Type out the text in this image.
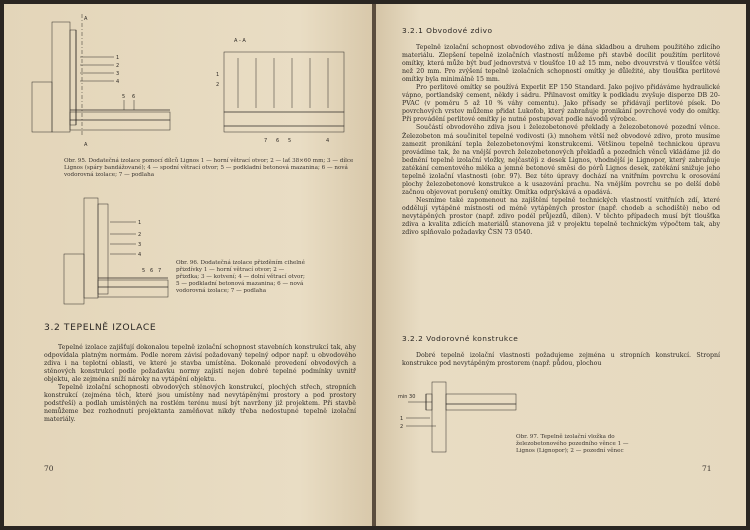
A
1
2
3
4
5 6
A
A - A
1
2
7 6 5	4
Obr. 95. Dodatečná izolace pomocí dílců Lignos 1 — horní větrací otvor; 2 — lať 38×60 mm; 3 — dílce Lignos (spáry bandážované); 4 — spodní větrací otvor; 5 — podkladní betonová mazanina; 6 — nová vodorovná izolace; 7 — podlaha
1
2
3
4
5 6 7
Obr. 96. Dodatečná izolace přizděním cihelné přizdívky 1 — horní větrací otvor; 2 — přizdka; 3 — kotvení; 4 — dolní větrací otvor; 5 — podkladní betonová mazanina; 6 — nová vodorovná izolace; 7 — podlaha
3.2 TEPELNĚ IZOLACE

Tepelné izolace zajišťují dokonalou tepelně izolační schopnost stavebních konstrukcí tak, aby odpovídala platným normám. Podle norem závisí požadovaný tepelný odpor např. u obvodového zdiva i na teplotní oblasti, ve které je stavba umístěna. Dokonalé provedení obvodových a stěnových konstrukcí podle požadavku normy zajistí nejen dobré tepelné podmínky uvnitř objektu, ale zejména sníží nároky na vytápění objektu.

Tepelně izolační schopnosti obvodových stěnových konstrukcí, plochých střech, stropních konstrukcí (zejména těch, které jsou umístěny nad nevytápěnými prostory a pod prostory podstřeší) a podlah umístěných na rostlém terénu musí být navrženy již projektem. Při stavbě nemůžeme bez rozhodnutí projektanta zaměňovat nikdy třeba nedostupné tepelně izolační materiály.

70
3.2.1 Obvodové zdivo

Tepelně izolační schopnost obvodového zdiva je dána skladbou a druhem použitého zdicího materiálu. Zlepšení tepelně izolačních vlastností můžeme při stavbě docílit použitím perlitové omítky, která může být buď jednovrstvá v tloušťce 10 až 15 mm, nebo dvouvrstvá v tloušťce větší než 20 mm. Pro zvýšení tepelně izolačních schopností omítky je důležité, aby tloušťka perlitové omítky byla minimálně 15 mm.

Pro perlitové omítky se používá Experlit EP 150 Standard. Jako pojivo přidáváme hydraulické vápno, portlandský cement, někdy i sádru. Přilnavost omítky k podkladu zvyšuje disperze DB 20-PVAC (v poměru 5 až 10 % váhy cementu). Jako přísady se přidávají perlitové písek. Do povrchových vrstev můžeme přidat Lukofob, který zabraňuje pronikání povrchové vody do omítky. Při provádění perlitové omítky je nutné postupovat podle návodů výrobce.

Součástí obvodového zdiva jsou i železobetonové překlady a železobetonové pozední věnce. Železobeton má součinitel tepelné vodivosti (λ) mnohem větší než obvodové zdivo, proto musíme zamezit pronikání tepla železobetonovými konstrukcemi. Většinou tepelně technickou úpravu provádíme tak, že na vnější povrch železobetonových překladů a pozedních věnců vkládáme již do bednění tepelně izolační vložky, nejčastěji z desek Lignos, vhodnější je Lignopor, který zabraňuje zatékání cementového mléka a jemné betonové směsi do pórů Lignos desek, zatékání snižuje jeho tepelně izolační vlastnosti (obr. 97). Bez této úpravy dochází na vnitřním povrchu k orosování plochy železobetonové konstrukce a k usazování prachu. Na vnějším povrchu se po delší době začnou objevovat porušený omítky. Omítka odprýskává a opadává.

Nesmíme také zapomenout na zajištění tepelně technických vlastností vnitřních zdí, které oddělují vytápěné místnosti od méně vytápěných prostor (např. chodeb a schodiště) nebo od nevytápěných prostor (např. zdivo podél průjezdů, dílen). V těchto případech musí být tloušťka zdiva a kvalita zdicích materiálů stanovena již v projektu tepelně technickým výpočtem tak, aby zdivo splňovalo požadavky ČSN 73 0540.

3.2.2 Vodorovné konstrukce

Dobré tepelně izolační vlastnosti požadujeme zejména u stropních konstrukcí. Stropní konstrukce pod nevytápěným prostorem (např. půdou, plochou

min 30
1
2
Obr. 97. Tepelně izolační vložka do železobetonového pozedního věnce 1 — Lignos (Lignopor); 2 — pozední věnec
71
